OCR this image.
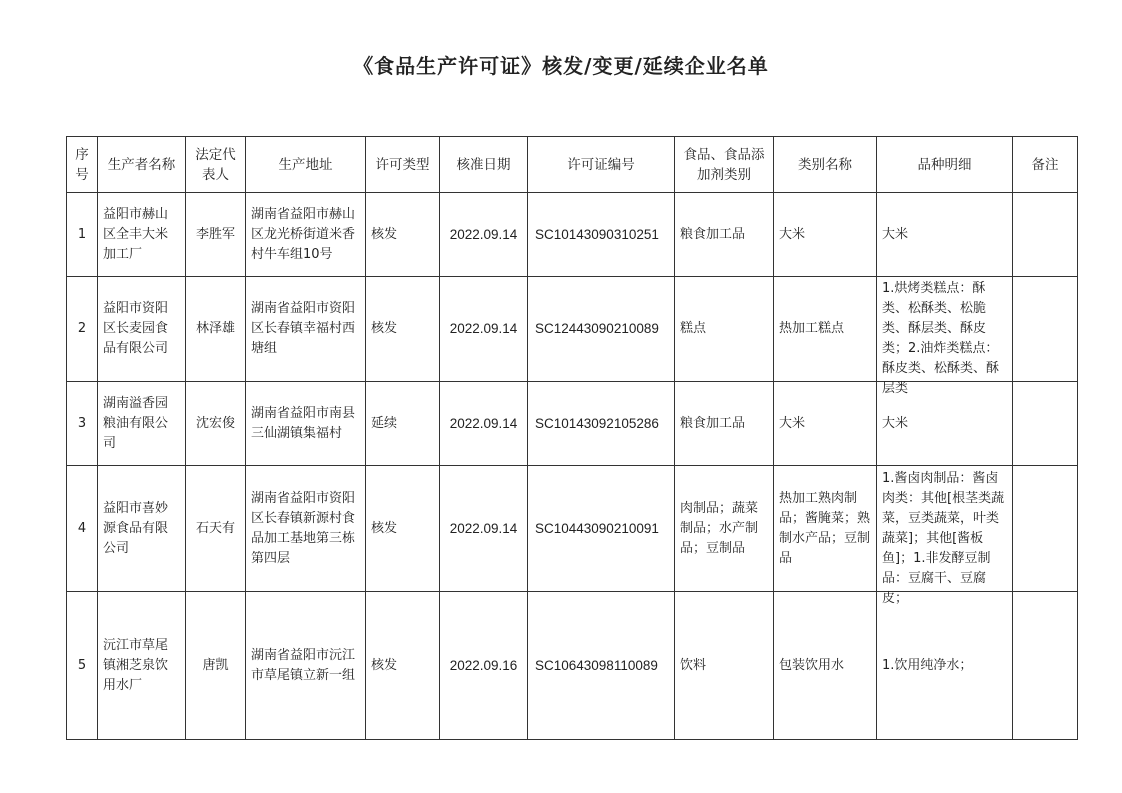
《食品生产许可证》核发/变更/延续企业名单
序号	生产者名称	法定代表人	生产地址	许可类型	核准日期	许可证编号	食品、食品添加剂类别	类别名称	品种明细	备注
1	益阳市赫山区全丰大米加工厂	李胜军	湖南省益阳市赫山区龙光桥街道米香村牛车组10号	核发	2022.09.14	SC10143090310251	粮食加工品	大米	大米	
2	益阳市资阳区长麦园食品有限公司	林泽雄	湖南省益阳市资阳区长春镇幸福村西塘组	核发	2022.09.14	SC12443090210089	糕点	热加工糕点	1.烘烤类糕点：酥类、松酥类、松脆类、酥层类、酥皮类；2.油炸类糕点：酥皮类、松酥类、酥层类	

3	湖南溢香园粮油有限公司	沈宏俊	湖南省益阳市南县三仙湖镇集福村	延续	2022.09.14	SC10143092105286	粮食加工品	大米	大米	
4	益阳市喜妙源食品有限公司	石天有	湖南省益阳市资阳区长春镇新源村食品加工基地第三栋第四层	核发	2022.09.14	SC10443090210091	肉制品；蔬菜制品；水产制品；豆制品	热加工熟肉制品；酱腌菜；熟制水产品；豆制品	1.酱卤肉制品：酱卤肉类：其他[根茎类蔬菜，豆类蔬菜，叶类蔬菜]；其他[酱板鱼]；1.非发酵豆制品：豆腐干、豆腐皮；	

5	沅江市草尾镇湘芝泉饮用水厂	唐凯	湖南省益阳市沅江市草尾镇立新一组	核发	2022.09.16	SC10643098110089	饮料	包装饮用水	1.饮用纯净水；	
